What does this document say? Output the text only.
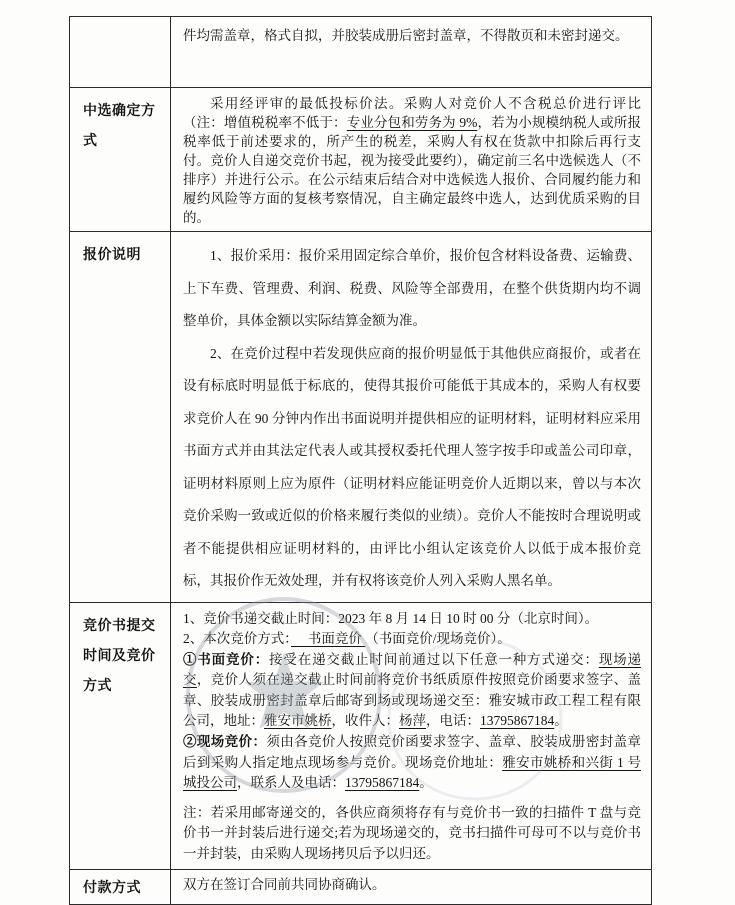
	件均需盖章，格式自拟，并胶装成册后密封盖章，不得散页和未密封递交。

中选确定方式	采用经评审的最低投标价法。采购人对竞价人不含税总价进行评比（注：增值税税率不低于：专业分包和劳务为 9%，若为小规模纳税人或所报税率低于前述要求的，所产生的税差，采购人有权在货款中扣除后再行支付。竞价人自递交竞价书起，视为接受此要约），确定前三名中选候选人（不排序）并进行公示。在公示结束后结合对中选候选人报价、合同履约能力和履约风险等方面的复核考察情况，自主确定最终中选人，达到优质采购的目的。

报价说明	1、报价采用：报价采用固定综合单价，报价包含材料设备费、运输费、上下车费、管理费、利润、税费、风险等全部费用，在整个供货期内均不调整单价，具体金额以实际结算金额为准。

2、在竞价过程中若发现供应商的报价明显低于其他供应商报价，或者在设有标底时明显低于标底的，使得其报价可能低于其成本的，采购人有权要求竞价人在 90 分钟内作出书面说明并提供相应的证明材料，证明材料应采用书面方式并由其法定代表人或其授权委托代理人签字按手印或盖公司印章，证明材料原则上应为原件（证明材料应能证明竞价人近期以来，曾以与本次竞价采购一致或近似的价格来履行类似的业绩）。竞价人不能按时合理说明或者不能提供相应证明材料的，由评比小组认定该竞价人以低于成本报价竞标，其报价作无效处理，并有权将该竞价人列入采购人黑名单。

竞价书提交时间及竞价方式	1、竞价书递交截止时间：2023 年 8 月 14 日 10 时 00 分（北京时间）。

2、本次竞价方式：　 书面竞价 （书面竞价/现场竞价）。

①书面竞价：接受在递交截止时间前通过以下任意一种方式递交：现场递交，竞价人须在递交截止时间前将竞价书纸质原件按照竞价函要求签字、盖章、胶装成册密封盖章后邮寄到场或现场递交至：雅安城市政工程工程有限公司，地址：雅安市姚桥，收件人：杨萍，电话：13795867184。

②现场竞价：须由各竞价人按照竞价函要求签字、盖章、胶装成册密封盖章后到采购人指定地点现场参与竞价。现场竞价地址：雅安市姚桥和兴街 1 号城投公司，联系人及电话：13795867184。

注：若采用邮寄递交的，各供应商须将存有与竞价书一致的扫描件 T 盘与竞价书一并封装后进行递交;若为现场递交的，竞书扫描件可母可不以与竞价书一并封装，由采购人现场拷贝后予以归还。

付款方式	双方在签订合同前共同协商确认。
